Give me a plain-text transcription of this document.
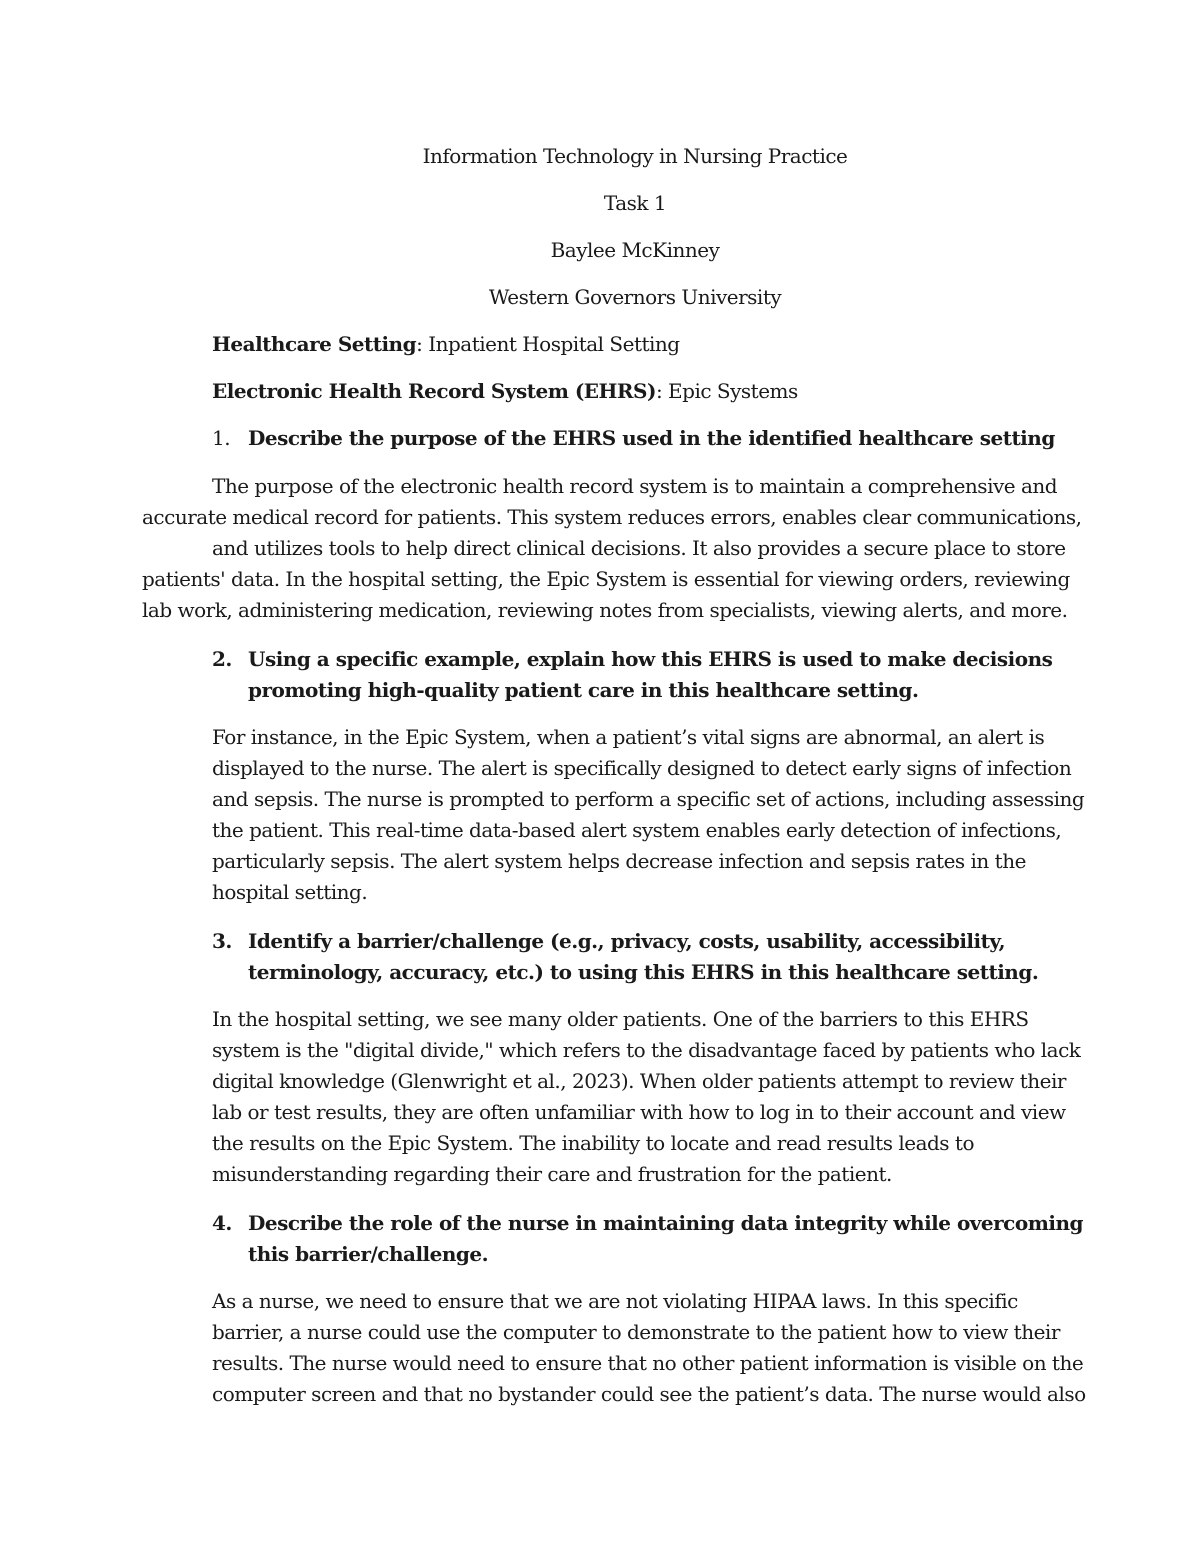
Information Technology in Nursing Practice
Task 1
Baylee McKinney
Western Governors University
Healthcare Setting: Inpatient Hospital Setting
Electronic Health Record System (EHRS): Epic Systems
1. Describe the purpose of the EHRS used in the identified healthcare setting
The purpose of the electronic health record system is to maintain a comprehensive and
accurate medical record for patients. This system reduces errors, enables clear communications,
and utilizes tools to help direct clinical decisions. It also provides a secure place to store
patients' data. In the hospital setting, the Epic System is essential for viewing orders, reviewing
lab work, administering medication, reviewing notes from specialists, viewing alerts, and more.
2. Using a specific example, explain how this EHRS is used to make decisions
promoting high-quality patient care in this healthcare setting.
For instance, in the Epic System, when a patient’s vital signs are abnormal, an alert is
displayed to the nurse. The alert is specifically designed to detect early signs of infection
and sepsis. The nurse is prompted to perform a specific set of actions, including assessing
the patient. This real-time data-based alert system enables early detection of infections,
particularly sepsis. The alert system helps decrease infection and sepsis rates in the
hospital setting.
3. Identify a barrier/challenge (e.g., privacy, costs, usability, accessibility,
terminology, accuracy, etc.) to using this EHRS in this healthcare setting.
In the hospital setting, we see many older patients. One of the barriers to this EHRS
system is the "digital divide," which refers to the disadvantage faced by patients who lack
digital knowledge (Glenwright et al., 2023). When older patients attempt to review their
lab or test results, they are often unfamiliar with how to log in to their account and view
the results on the Epic System. The inability to locate and read results leads to
misunderstanding regarding their care and frustration for the patient.
4. Describe the role of the nurse in maintaining data integrity while overcoming
this barrier/challenge.
As a nurse, we need to ensure that we are not violating HIPAA laws. In this specific
barrier, a nurse could use the computer to demonstrate to the patient how to view their
results. The nurse would need to ensure that no other patient information is visible on the
computer screen and that no bystander could see the patient’s data. The nurse would also
